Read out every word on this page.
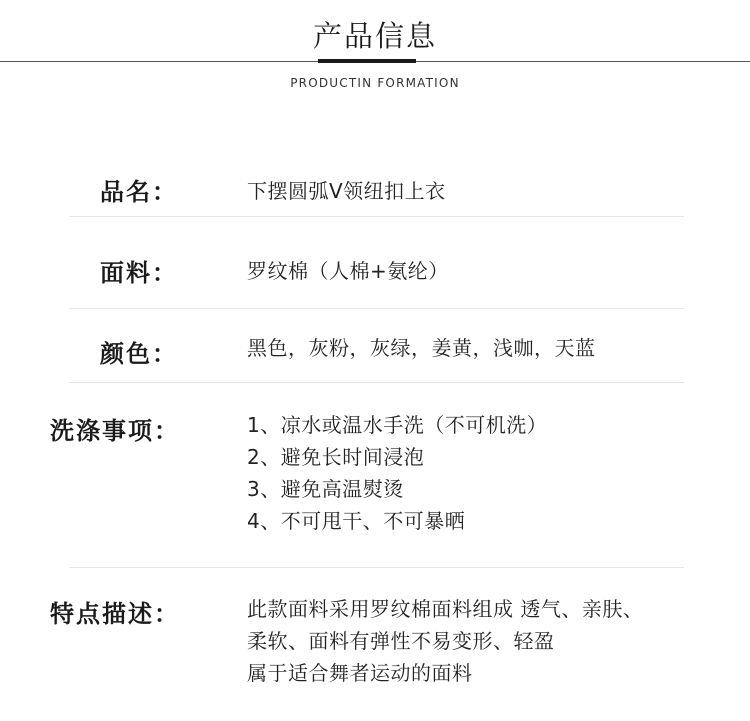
产品信息
PRODUCTIN FORMATION
品名：	下摆圆弧V领纽扣上衣
面料：	罗纹棉（人棉+氨纶）
颜色：	黑色，灰粉，灰绿，姜黄，浅咖，天蓝
洗涤事项：	1、凉水或温水手洗（不可机洗）
2、避免长时间浸泡
3、避免高温熨烫
4、不可甩干、不可暴晒
特点描述：	此款面料采用罗纹棉面料组成 透气、亲肤、
柔软、面料有弹性不易变形、轻盈
属于适合舞者运动的面料
